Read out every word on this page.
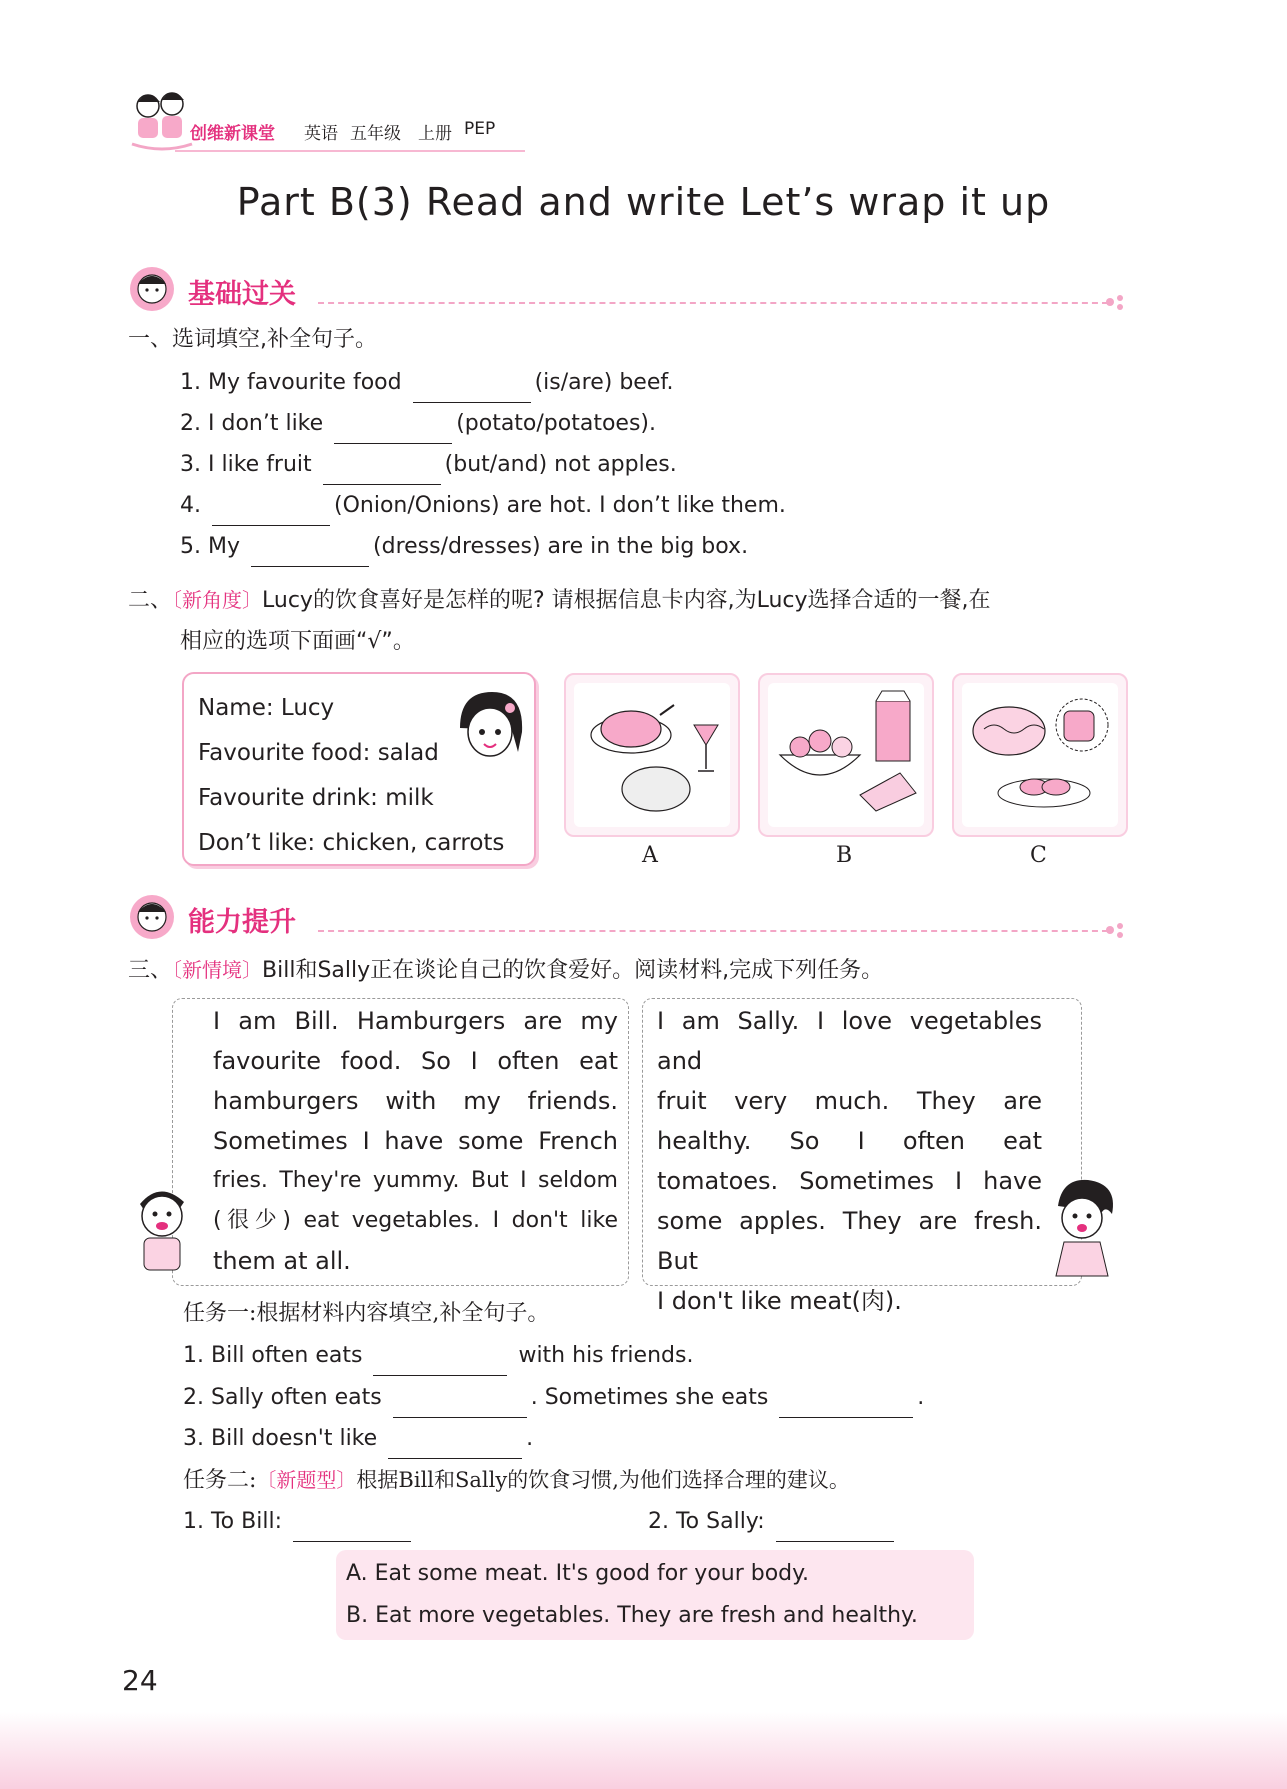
创维新课堂 英语 五年级 上册 PEP
Part B(3) Read and write Let’s wrap it up
基础过关
一、选词填空,补全句子。
1. My favourite food	(is/are) beef.
2. I don’t like	(potato/potatoes).
3. I like fruit	(but/and) not apples.
4.	(Onion/Onions) are hot. I don’t like them.
5. My	(dress/dresses) are in the big box.
二、〔新角度〕Lucy的饮食喜好是怎样的呢? 请根据信息卡内容,为Lucy选择合适的一餐,在
相应的选项下面画“√”。
Name: Lucy
Favourite food: salad
Favourite drink: milk
Don’t like: chicken, carrots	A	B	C
能力提升
三、〔新情境〕Bill和Sally正在谈论自己的饮食爱好。阅读材料,完成下列任务。
I am Bill. Hamburgers are my
favourite food. So I often eat
hamburgers with my friends.
Sometimes I have some French
fries. They're yummy. But I seldom
(很少) eat vegetables. I don't like
them at all.
I am Sally. I love vegetables and
fruit very much. They are
healthy. So I often eat
tomatoes. Sometimes I have
some apples. They are fresh. But
I don't like meat(肉).
任务一:根据材料内容填空,补全句子。
1. Bill often eats	with his friends.
2. Sally often eats	. Sometimes she eats	.
3. Bill doesn't like	.
任务二:〔新题型〕根据Bill和Sally的饮食习惯,为他们选择合理的建议。
1. To Bill:	2. To Sally:
A. Eat some meat. It's good for your body.
B. Eat more vegetables. They are fresh and healthy.
24
